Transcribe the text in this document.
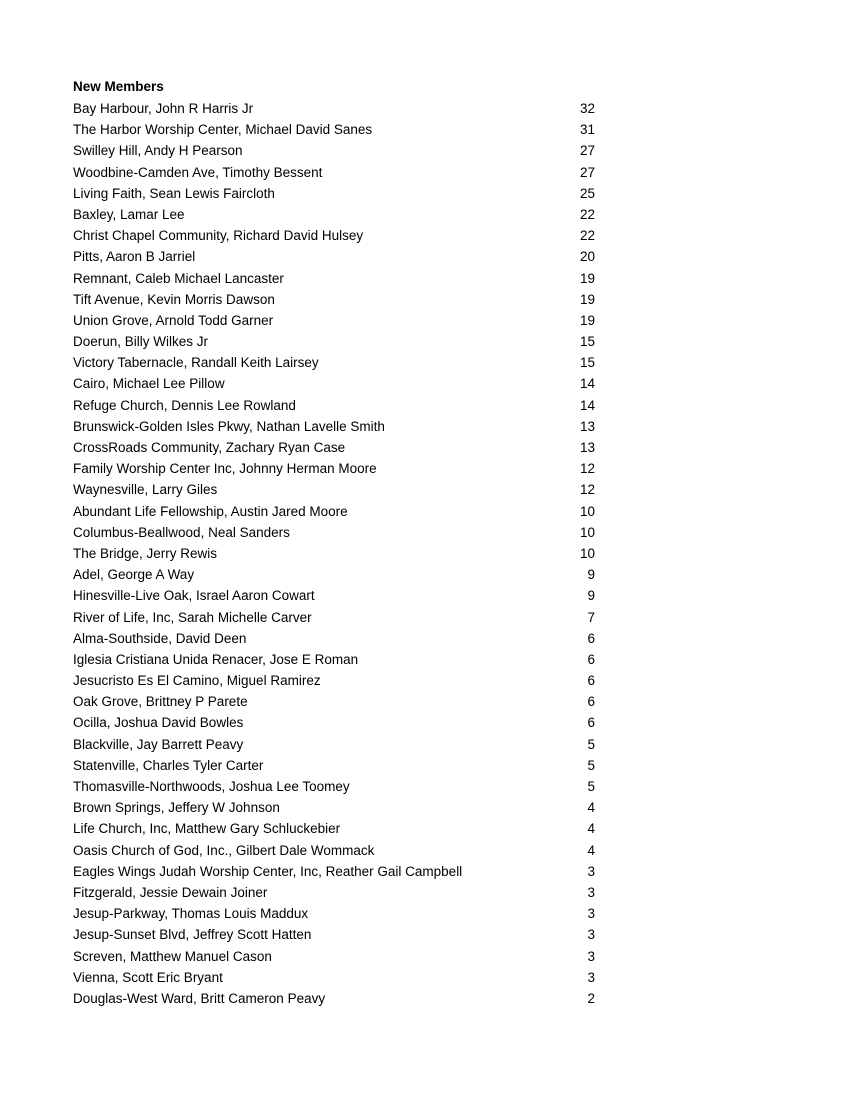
New Members
Bay Harbour, John R Harris Jr	32
The Harbor Worship Center, Michael David Sanes	31
Swilley Hill, Andy H Pearson	27
Woodbine-Camden Ave, Timothy Bessent	27
Living Faith, Sean Lewis Faircloth	25
Baxley, Lamar Lee	22
Christ Chapel Community, Richard David Hulsey	22
Pitts, Aaron B Jarriel	20
Remnant, Caleb Michael Lancaster	19
Tift Avenue, Kevin Morris Dawson	19
Union Grove, Arnold Todd Garner	19
Doerun, Billy Wilkes Jr	15
Victory Tabernacle, Randall Keith Lairsey	15
Cairo, Michael Lee Pillow	14
Refuge Church, Dennis Lee Rowland	14
Brunswick-Golden Isles Pkwy, Nathan Lavelle Smith	13
CrossRoads Community, Zachary Ryan Case	13
Family Worship Center Inc, Johnny Herman Moore	12
Waynesville, Larry Giles	12
Abundant Life Fellowship, Austin Jared Moore	10
Columbus-Beallwood, Neal Sanders	10
The Bridge, Jerry Rewis	10
Adel, George A Way	9
Hinesville-Live Oak, Israel Aaron Cowart	9
River of Life, Inc, Sarah Michelle Carver	7
Alma-Southside, David Deen	6
Iglesia Cristiana Unida Renacer, Jose E Roman	6
Jesucristo Es El Camino, Miguel Ramirez	6
Oak Grove, Brittney P Parete	6
Ocilla, Joshua David Bowles	6
Blackville, Jay Barrett Peavy	5
Statenville, Charles Tyler Carter	5
Thomasville-Northwoods, Joshua Lee Toomey	5
Brown Springs, Jeffery W Johnson	4
Life Church, Inc, Matthew Gary Schluckebier	4
Oasis Church of God, Inc., Gilbert Dale Wommack	4
Eagles Wings Judah Worship Center, Inc, Reather Gail Campbell	3
Fitzgerald, Jessie Dewain Joiner	3
Jesup-Parkway, Thomas Louis Maddux	3
Jesup-Sunset Blvd, Jeffrey Scott Hatten	3
Screven, Matthew Manuel Cason	3
Vienna, Scott Eric Bryant	3
Douglas-West Ward, Britt Cameron Peavy	2
